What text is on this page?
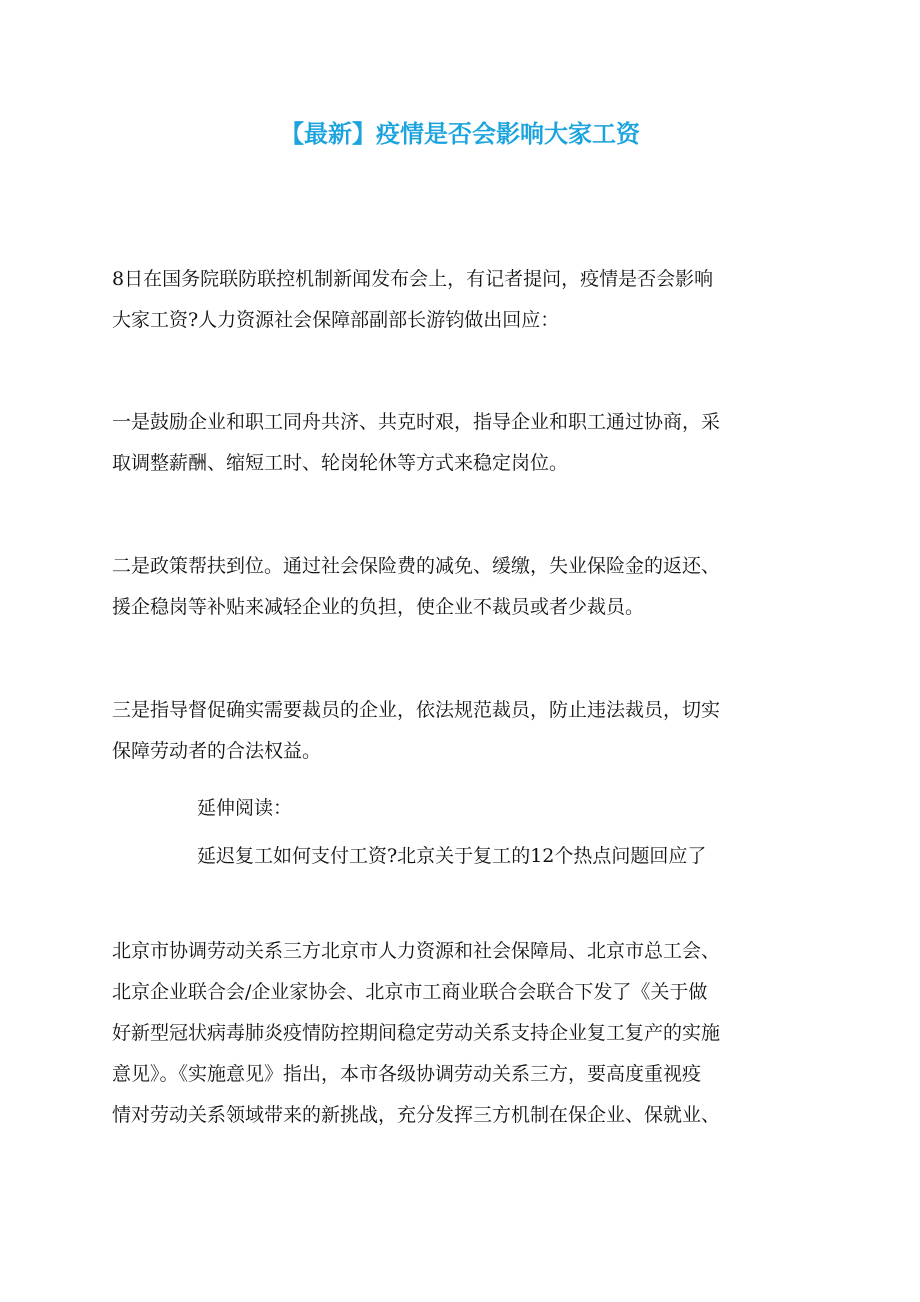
【最新】疫情是否会影响大家工资

8日在国务院联防联控机制新闻发布会上，有记者提问，疫情是否会影响
大家工资?人力资源社会保障部副部长游钧做出回应：

一是鼓励企业和职工同舟共济、共克时艰，指导企业和职工通过协商，采
取调整薪酬、缩短工时、轮岗轮休等方式来稳定岗位。

二是政策帮扶到位。通过社会保险费的减免、缓缴，失业保险金的返还、
援企稳岗等补贴来减轻企业的负担，使企业不裁员或者少裁员。

三是指导督促确实需要裁员的企业，依法规范裁员，防止违法裁员，切实
保障劳动者的合法权益。

延伸阅读：

延迟复工如何支付工资?北京关于复工的12个热点问题回应了

北京市协调劳动关系三方北京市人力资源和社会保障局、北京市总工会、
北京企业联合会/企业家协会、北京市工商业联合会联合下发了《关于做
好新型冠状病毒肺炎疫情防控期间稳定劳动关系支持企业复工复产的实施
意见》。《实施意见》指出，本市各级协调劳动关系三方，要高度重视疫
情对劳动关系领域带来的新挑战，充分发挥三方机制在保企业、保就业、
